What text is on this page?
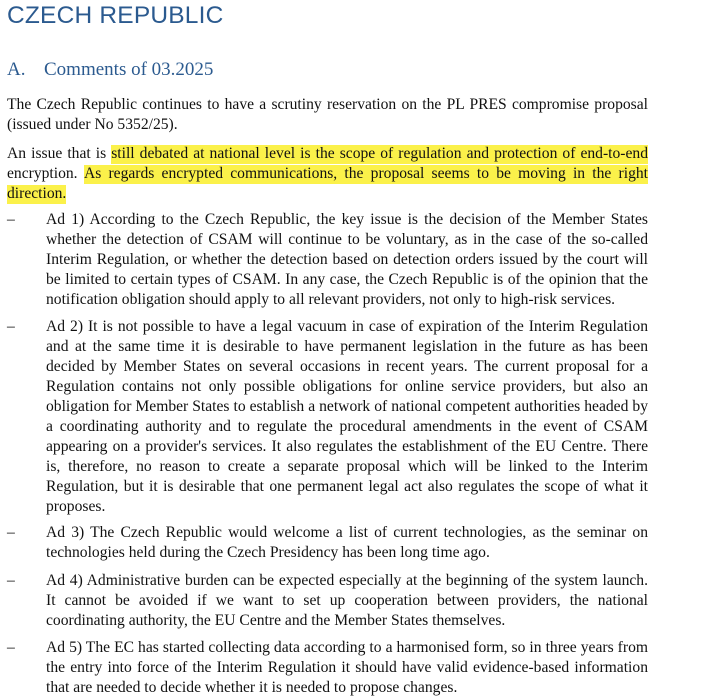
CZECH REPUBLIC
A. Comments of 03.2025

The Czech Republic continues to have a scrutiny reservation on the PL PRES compromise proposal (issued under No 5352/25).

An issue that is still debated at national level is the scope of regulation and protection of end-to-end encryption. As regards encrypted communications, the proposal seems to be moving in the right direction.

– Ad 1) According to the Czech Republic, the key issue is the decision of the Member States whether the detection of CSAM will continue to be voluntary, as in the case of the so-called Interim Regulation, or whether the detection based on detection orders issued by the court will be limited to certain types of CSAM. In any case, the Czech Republic is of the opinion that the notification obligation should apply to all relevant providers, not only to high-risk services.

– Ad 2) It is not possible to have a legal vacuum in case of expiration of the Interim Regulation and at the same time it is desirable to have permanent legislation in the future as has been decided by Member States on several occasions in recent years. The current proposal for a Regulation contains not only possible obligations for online service providers, but also an obligation for Member States to establish a network of national competent authorities headed by a coordinating authority and to regulate the procedural amendments in the event of CSAM appearing on a provider's services. It also regulates the establishment of the EU Centre. There is, therefore, no reason to create a separate proposal which will be linked to the Interim Regulation, but it is desirable that one permanent legal act also regulates the scope of what it proposes.

– Ad 3) The Czech Republic would welcome a list of current technologies, as the seminar on technologies held during the Czech Presidency has been long time ago.

– Ad 4) Administrative burden can be expected especially at the beginning of the system launch. It cannot be avoided if we want to set up cooperation between providers, the national coordinating authority, the EU Centre and the Member States themselves.

– Ad 5) The EC has started collecting data according to a harmonised form, so in three years from the entry into force of the Interim Regulation it should have valid evidence-based information that are needed to decide whether it is needed to propose changes.
